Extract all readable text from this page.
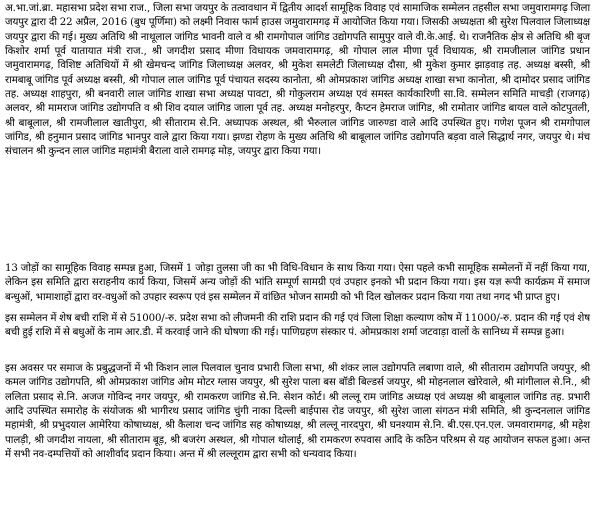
अ.भा.जां.ब्रा. महासभा प्रदेश सभा राज., जिला सभा जयपुर के तत्वावधान में द्वितीय आदर्श सामूहिक विवाह एवं सामाजिक सम्मेलन तहसील सभा जमुवारामगढ़ जिला जयपुर द्वारा दी 22 अप्रैल, 2016 (बुध पूर्णिमा) को लक्ष्मी निवास फार्म हाउस जमुवारामगढ़ में आयोजित किया गया। जिसकी अध्यक्षता श्री सुरेश पिलवाल जिलाध्यक्ष जयपुर द्वारा की गई। मुख्य अतिथि श्री नाथूलाल जांगिड भावनी वाले व श्री रामगोपाल जांगिड उद्योगपति सामुपुर वाले वी.के.आई. थे। राजनैतिक क्षेत्र से अतिथि श्री बृज किशोर शर्मा पूर्व यातायात मंत्री राज., श्री जगदीश प्रसाद मीणा विधायक जमवारामगढ़, श्री गोपाल लाल मीणा पूर्व विधायक, श्री रामजीलाल जांगिड प्रधान जमुवारामगढ़, विशिष्ट अतिथियों में श्री खेमचन्द जांगिड जिलाध्यक्ष अलवर, श्री मुकेश समलेटी जिलाध्यक्ष दौसा, श्री मुकेश कुमार झाड़वाड़ तह. अध्यक्ष बस्सी, श्री रामबाबू जांगिड पूर्व अध्यक्ष बस्सी, श्री गोपाल लाल जांगिड पूर्व पंचायत सदस्य कानोता, श्री ओमप्रकाश जांगिड अध्यक्ष शाखा सभा कानोता, श्री दामोदर प्रसाद जांगिड तह. अध्यक्ष शाहपुरा, श्री बनवारी लाल जांगिड शाखा सभा अध्यक्ष पावटा, श्री गोकुलराम अध्यक्ष एवं समस्त कार्यकारिणी सा.वि. सम्मेलन समिति माचड़ी (राजगढ़) अलवर, श्री मामराज जांगिड उद्योगपति व श्री शिव दयाल जांगिड जाला पूर्व तह. अध्यक्ष मनोहरपुर, कैप्टन हेमराज जांगिड, श्री रामोतार जांगिड बायल वाले कोटपुतली, श्री बाबूलाल, श्री रामजीलाल खातीपुरा, श्री सीताराम से.नि. अध्यापक अस्थल, श्री भैरुलाल जांगिड जारुण्डा वाले आदि उपस्थित हुए। गणेश पूजन श्री रामगोपाल जांगिड, श्री हनुमान प्रसाद जांगिड भानपुर वाले द्वारा किया गया। झण्डा रोहण के मुख्य अतिथि श्री बाबूलाल जांगिड उद्योगपति बड़वा वाले सिद्धार्थ नगर, जयपुर थे। मंच संचालन श्री कुन्दन लाल जांगिड महामंत्री बैराला वाले रामगढ़ मोड़, जयपुर द्वारा किया गया।

13 जोड़ों का सामूहिक विवाह सम्पन्न हुआ, जिसमें 1 जोड़ा तुलसा जी का भी विधि-विधान के साथ किया गया। ऐसा पहले कभी सामूहिक सम्मेलनों में नहीं किया गया, लेकिन इस समिति द्वारा सराहनीय कार्य किया, जिसमें अन्य जोड़ों की भांति सम्पूर्ण सामग्री एवं उपहार इनको भी प्रदान किया गया। इस यज्ञ रूपी कार्यक्रम में समाज बन्धुओं, भामाशाहों द्वारा वर-वधुओं को उपहार स्वरूप एवं इस सम्मेलन में वांछित भोजन सामग्री को भी दिल खोलकर प्रदान किया गया तथा नगद भी प्राप्त हुए।

इस सम्मेलन में शेष बची राशि में से 51000/-रु. प्रदेश सभा को लीजमनी की राशि प्रदान की गई एवं जिला शिक्षा कल्याण कोष में 11000/-रु. प्रदान की गई एवं शेष बची हुई राशि में से बधुओं के नाम आर.डी. में करवाई जाने की घोषणा की गई। पाणिग्रहण संस्कार पं. ओमप्रकाश शर्मा जटवाड़ा वालों के सानिध्य में सम्पन्न हुआ।

इस अवसर पर समाज के प्रबुद्धजनों में भी किशन लाल पिलवाल चुनाव प्रभारी जिला सभा, श्री शंकर लाल उद्योगपति लबाणा वाले, श्री सीताराम उद्योगपति जयपुर, श्री कमल जांगिड उद्योगपति, श्री ओमप्रकाश जांगिड ओम मोटर ग्लास जयपुर, श्री सुरेश पाला बस बॉडी बिल्डर्स जयपुर, श्री मोहनलाल खोरेवाले, श्री मांगीलाल से.नि., श्री ललिता प्रसाद से.नि. अजज गोविन्द नगर जयपुर, श्री रामकरण जांगिड से.नि. सेशन कोर्ट। श्री लल्लू राम जांगिड अध्यक्ष एवं अध्यक्ष श्री बाबूलाल जांगिड तह. प्रभारी आदि उपस्थित समारोह के संयोजक श्री भागीरथ प्रसाद जांगिड चुंगी नाका दिल्ली बाईपास रोड जयपुर, श्री सुरेश जाला संगठन मंत्री समिति, श्री कुन्दनलाल जांगिड महामंत्री, श्री प्रभुदयाल आमेरिया कोषाध्यक्ष, श्री कैलाश चन्द जांगिड सह कोषाध्यक्ष, श्री लल्लू नारदपुरा, श्री घनश्याम से.नि. बी.एस.एन.एल. जमवारामगढ़, श्री महेश पालड़ी, श्री जगदीश नायला, श्री सीताराम बूड़, श्री बजरंग अस्थल, श्री गोपाल थोलाई, श्री रामकरण रुपवास आदि के कठिन परिश्रम से यह आयोजन सफल हुआ। अन्त में सभी नव-दम्पत्तियों को आशीर्वाद प्रदान किया। अन्त में श्री लल्लूराम द्वारा सभी को धन्यवाद किया।
